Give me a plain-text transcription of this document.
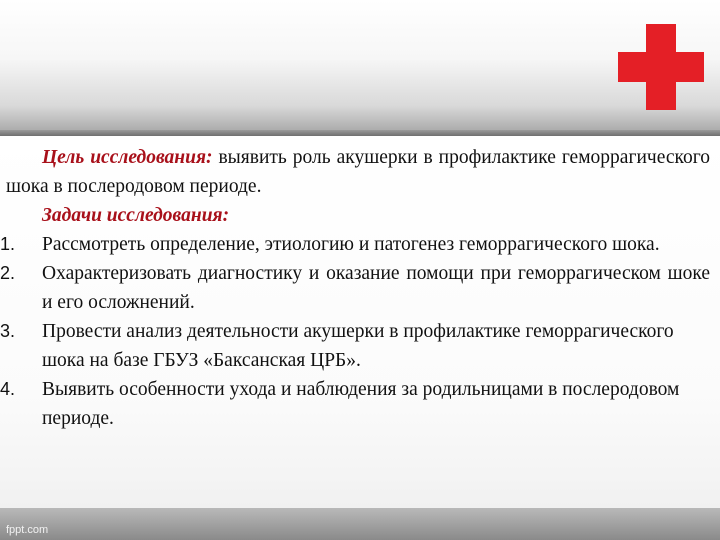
Цель исследования: выявить роль акушерки в профилактике геморрагического шока в послеродовом периоде.

Задачи исследования:

1.	Рассмотреть определение, этиологию и патогенез геморрагического шока.
2.	Охарактеризовать диагностику и оказание помощи при геморрагическом шоке и его осложнений.
3.	Провести анализ деятельности акушерки в профилактике геморрагического шока на базе ГБУЗ «Баксанская ЦРБ».
4.	Выявить особенности ухода и наблюдения за родильницами в послеродовом периоде.
fppt.com
